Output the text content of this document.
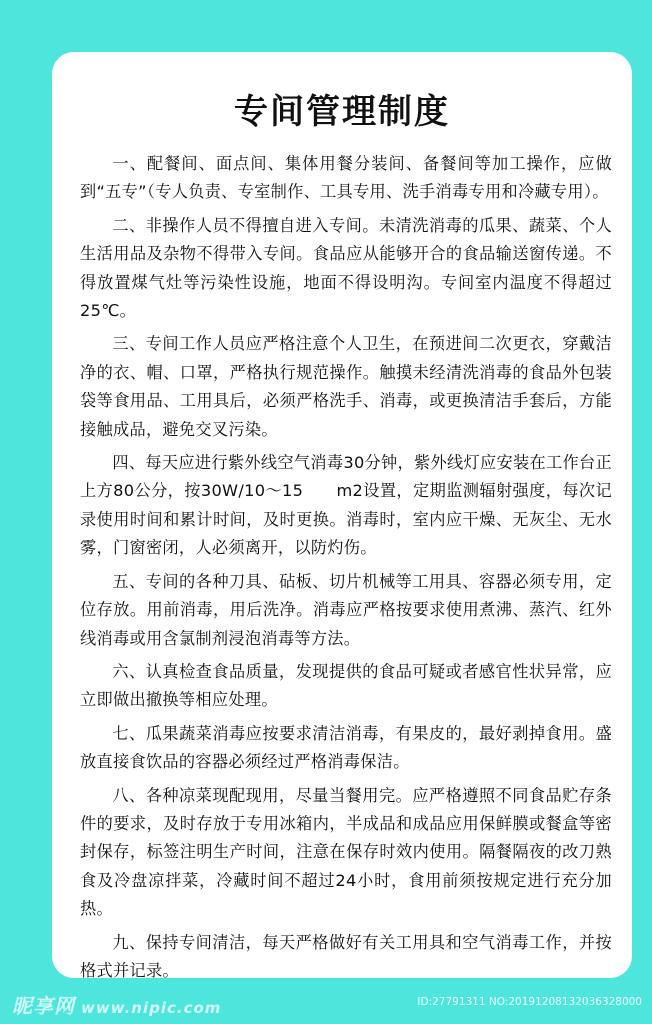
专间管理制度

一、配餐间、面点间、集体用餐分装间、备餐间等加工操作，应做到“五专”（专人负责、专室制作、工具专用、洗手消毒专用和冷藏专用）。

二、非操作人员不得擅自进入专间。未清洗消毒的瓜果、蔬菜、个人生活用品及杂物不得带入专间。食品应从能够开合的食品输送窗传递。不得放置煤气灶等污染性设施，地面不得设明沟。专间室内温度不得超过25℃。

三、专间工作人员应严格注意个人卫生，在预进间二次更衣，穿戴洁净的衣、帽、口罩，严格执行规范操作。触摸未经清洗消毒的食品外包装袋等食用品、工用具后，必须严格洗手、消毒，或更换清洁手套后，方能接触成品，避免交叉污染。

四、每天应进行紫外线空气消毒30分钟，紫外线灯应安装在工作台正上方80公分，按30W/10～15　　m2设置，定期监测辐射强度，每次记录使用时间和累计时间，及时更换。消毒时，室内应干燥、无灰尘、无水雾，门窗密闭，人必须离开，以防灼伤。

五、专间的各种刀具、砧板、切片机械等工用具、容器必须专用，定位存放。用前消毒，用后洗净。消毒应严格按要求使用煮沸、蒸汽、红外线消毒或用含氯制剂浸泡消毒等方法。

六、认真检查食品质量，发现提供的食品可疑或者感官性状异常，应立即做出撤换等相应处理。

七、瓜果蔬菜消毒应按要求清洁消毒，有果皮的，最好剥掉食用。盛放直接食饮品的容器必须经过严格消毒保洁。

八、各种凉菜现配现用，尽量当餐用完。应严格遵照不同食品贮存条件的要求，及时存放于专用冰箱内，半成品和成品应用保鲜膜或餐盒等密封保存，标签注明生产时间，注意在保存时效内使用。隔餐隔夜的改刀熟食及冷盘凉拌菜，冷藏时间不超过24小时，食用前须按规定进行充分加热。

九、保持专间清洁，每天严格做好有关工用具和空气消毒工作，并按格式并记录。

昵享网 www.nipic.com	ID:27791311 NO:20191208132036328000
